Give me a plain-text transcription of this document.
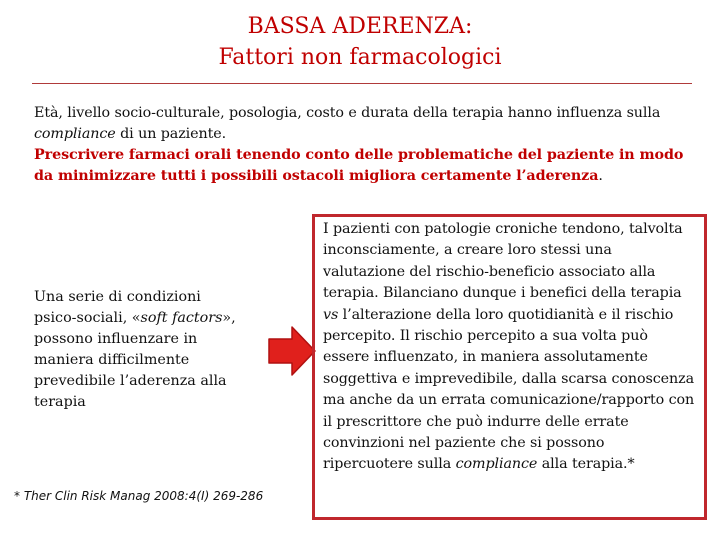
BASSA ADERENZA:
Fattori non farmacologici
Età, livello socio-culturale, posologia, costo e durata della terapia hanno influenza sulla compliance di un paziente.
Prescrivere farmaci orali tenendo conto delle problematiche del paziente in modo da minimizzare tutti i possibili ostacoli migliora certamente l’aderenza.
Una serie di condizioni psico-sociali, «soft factors», possono influenzare in maniera difficilmente prevedibile l’aderenza alla terapia
I pazienti con patologie croniche tendono, talvolta inconsciamente, a creare loro stessi una valutazione del rischio-beneficio associato alla terapia. Bilanciano dunque i benefici della terapia vs l’alterazione della loro quotidianità e il rischio percepito. Il rischio percepito a sua volta può essere influenzato, in maniera assolutamente soggettiva e imprevedibile, dalla scarsa conoscenza ma anche da un errata comunicazione/rapporto con il prescrittore che può indurre delle errate convinzioni nel paziente che si possono ripercuotere sulla compliance alla terapia.*
* Ther Clin Risk Manag 2008:4(I) 269-286
